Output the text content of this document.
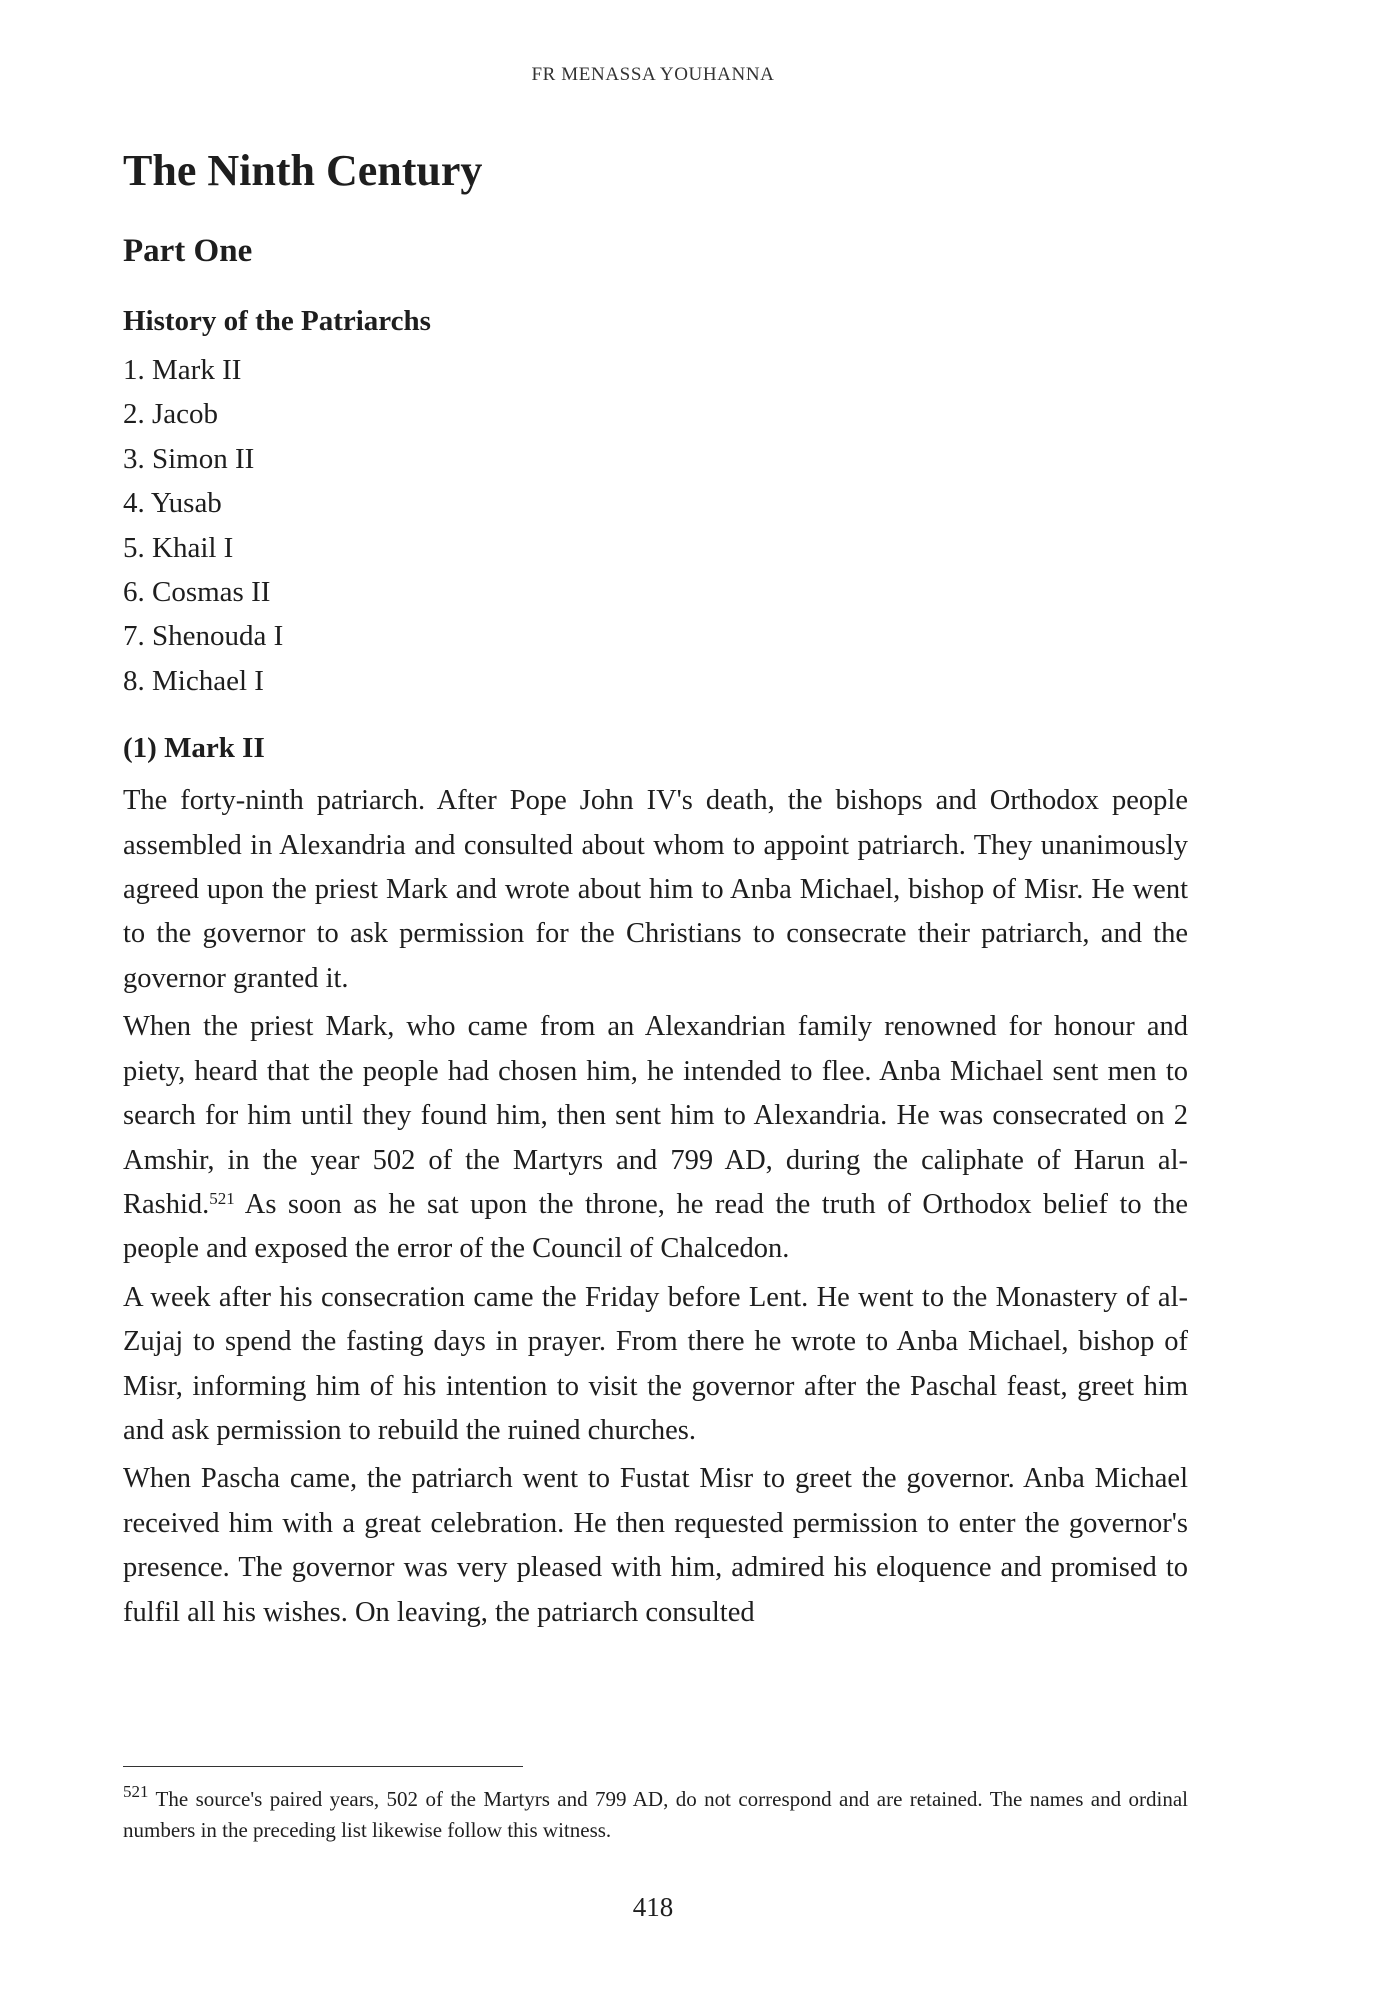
FR MENASSA YOUHANNA
The Ninth Century
Part One
History of the Patriarchs
1. Mark II
2. Jacob
3. Simon II
4. Yusab
5. Khail I
6. Cosmas II
7. Shenouda I
8. Michael I
(1) Mark II

The forty-ninth patriarch. After Pope John IV's death, the bishops and Orthodox people assembled in Alexandria and consulted about whom to appoint patriarch. They unanimously agreed upon the priest Mark and wrote about him to Anba Michael, bishop of Misr. He went to the governor to ask permission for the Christians to consecrate their patriarch, and the governor granted it.

When the priest Mark, who came from an Alexandrian family renowned for honour and piety, heard that the people had chosen him, he intended to flee. Anba Michael sent men to search for him until they found him, then sent him to Alexandria. He was consecrated on 2 Amshir, in the year 502 of the Martyrs and 799 AD, during the caliphate of Harun al-Rashid.$^{521}$ As soon as he sat upon the throne, he read the truth of Orthodox belief to the people and exposed the error of the Council of Chalcedon.

A week after his consecration came the Friday before Lent. He went to the Monastery of al-Zujaj to spend the fasting days in prayer. From there he wrote to Anba Michael, bishop of Misr, informing him of his intention to visit the governor after the Paschal feast, greet him and ask permission to rebuild the ruined churches.

When Pascha came, the patriarch went to Fustat Misr to greet the governor. Anba Michael received him with a great celebration. He then requested permission to enter the governor's presence. The governor was very pleased with him, admired his eloquence and promised to fulfil all his wishes. On leaving, the patriarch consulted

$^{521}$ The source's paired years, 502 of the Martyrs and 799 AD, do not correspond and are retained. The names and ordinal numbers in the preceding list likewise follow this witness.
418
